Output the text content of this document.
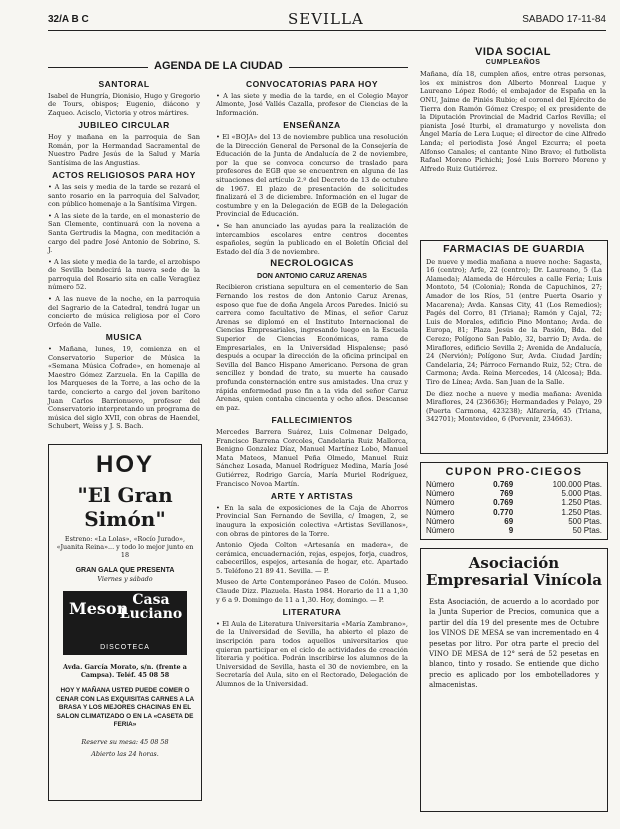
32/A B C	SEVILLA	SABADO 17-11-84
AGENDA DE LA CIUDAD
SANTORAL

Isabel de Hungría, Dionisio, Hugo y Gregorio de Tours, obispos; Eugenio, diácono y Zaqueo. Acisclo, Victoria y otros mártires.

JUBILEO CIRCULAR

Hoy y mañana en la parroquia de San Román, por la Hermandad Sacramental de Nuestro Padre Jesús de la Salud y María Santísima de las Angustias.

ACTOS RELIGIOSOS PARA HOY

• A las seis y media de la tarde se rezará el santo rosario en la parroquia del Salvador, con público homenaje a la Santísima Virgen.

• A las siete de la tarde, en el monasterio de San Clemente, continuará con la novena a Santa Gertrudis la Magna, con meditación a cargo del padre José Antonio de Sobrino, S. J.

• A las siete y media de la tarde, el arzobispo de Sevilla bendecirá la nueva sede de la parroquia del Rosario sita en calle Veragüez número 52.

• A las nueve de la noche, en la parroquia del Sagrario de la Catedral, tendrá lugar un concierto de música religiosa por el Coro Orfeón de Valle.

MUSICA

• Mañana, lunes, 19, comienza en el Conservatorio Superior de Música la «Semana Música Cofrade», en homenaje al Maestro Gómez Zarzuela. En la Capilla de los Marqueses de la Torre, a las ocho de la tarde, concierto a cargo del joven barítono Juan Carlos Barrionuevo, profesor del Conservatorio interpretando un programa de música del siglo XVII, con obras de Haendel, Schubert, Weiss y J. S. Bach.

HOY
"El Gran Simón"
Estreno: «La Lolas», «Rocío Jurado», «Juanita Reina»... y todo lo mejor junto en 18
GRAN GALA QUE PRESENTA
Viernes y sábado
Meson Casa Luciano
DISCOTECA
Avda. García Morato, s/n. (frente a Campsa). Teléf. 45 08 58
HOY Y MAÑANA USTED PUEDE COMER O CENAR CON LAS EXQUISITAS CARNES A LA BRASA Y LOS MEJORES CHACINAS EN EL SALON CLIMATIZADO O EN LA «CASETA DE FERIA»
Reserve su mesa: 45 08 58
Abierto las 24 horas.
CONVOCATORIAS PARA HOY

• A las siete y media de la tarde, en el Colegio Mayor Almonte, José Vallés Cazalla, profesor de Ciencias de la Información.

ENSEÑANZA

• El «BOJA» del 13 de noviembre publica una resolución de la Dirección General de Personal de la Consejería de Educación de la Junta de Andalucía de 2 de noviembre, por la que se convoca concurso de traslado para profesores de EGB que se encuentren en alguna de las situaciones del artículo 2.º del Decreto de 13 de octubre de 1967. El plazo de presentación de solicitudes finalizará el 3 de diciembre. Información en el lugar de costumbre y en la Delegación de EGB de la Delegación Provincial de Educación.

• Se han anunciado las ayudas para la realización de intercambios escolares entre centros docentes españoles, según la publicado en el Boletín Oficial del Estado del día 3 de noviembre.

NECROLOGICAS
DON ANTONIO CARUZ ARENAS

Recibieron cristiana sepultura en el cementerio de San Fernando los restos de don Antonio Caruz Arenas, esposo que fue de doña Angela Arcos Paredes. Inició su carrera como facultativo de Minas, el señor Caruz Arenas se diplomó en el Instituto Internacional de Ciencias Empresariales, ingresando luego en la Escuela Superior de Ciencias Económicas, rama de Empresariales, en la Universidad Hispalense; pasó después a ocupar la dirección de la oficina principal en Sevilla del Banco Hispano Americano. Persona de gran sencillez y bondad de trato, su muerte ha causado profunda consternación entre sus amistades. Una cruz y rápida enfermedad puso fin a la vida del señor Caruz Arenas, quien contaba cincuenta y ocho años. Descanse en paz.

FALLECIMIENTOS

Mercedes Barrera Suárez, Luis Colmenar Delgado, Francisco Barrena Corcoles, Candelaria Ruiz Mallorca, Benigno Gonzalez Díaz, Manuel Martínez Lobo, Manuel Mata Mateos, Manuel Peña Olmedo, Manuel Ruiz Sánchez Losada, Manuel Rodríguez Medina, María José Gutiérrez, Rodrigo García, María Muriel Rodríguez, Francisco Novoa Martín.

ARTE Y ARTISTAS

• En la sala de exposiciones de la Caja de Ahorros Provincial San Fernando de Sevilla, c/ Imagen, 2, se inaugura la exposición colectiva «Artistas Sevillanos», con obras de pintores de la Torre.

Antonio Ojeda Colton «Artesanía en madera», de cerámica, encuadernación, rejas, espejos, forja, cuadros, cabecerillos, espejos, artesanía de hogar, etc. Apartado 5. Teléfono 21 89 41. Sevilla. — P.

Museo de Arte Contemporáneo Paseo de Colón. Museo. Claude Dizz. Plazuela. Hasta 1984. Horario de 11 a 1,30 y 6 a 9. Domingo de 11 a 1,30. Hoy, domingo. — P.

LITERATURA

• El Aula de Literatura Universitaria «María Zambrano», de la Universidad de Sevilla, ha abierto el plazo de inscripción para todos aquellos universitarios que quieran participar en el ciclo de actividades de creación literaria y poética. Podrán inscribirse los alumnos de la Universidad de Sevilla, hasta el 30 de noviembre, en la Secretaría del Aula, sito en el Rectorado, Delegación de Alumnos de la Universidad.

VIDA SOCIAL
CUMPLEAÑOS

Mañana, día 18, cumplen años, entre otras personas, los ex ministros don Alberto Monreal Luque y Laureano López Rodó; el embajador de España en la ONU, Jaime de Piniés Rubio; el coronel del Ejército de Tierra don Ramón Gómez Crespo; el ex presidente de la Diputación Provincial de Madrid Carlos Revilla; el pianista José Iturbi, el dramaturgo y novelista don Ángel María de Lera Luque; el director de cine Alfredo Landa; el periodista José Ángel Ezcurra; el poeta Alfonso Canales; el cantante Nino Bravo; el futbolista Rafael Moreno Pichichi; José Luis Borrero Moreno y Alfredo Ruiz Gutiérrez.

FARMACIAS DE GUARDIA

De nueve y media mañana a nueve noche: Sagasta, 16 (centro); Arfe, 22 (centro); Dr. Laureano, 5 (La Alameda); Alameda de Hércules a calle Feria; Luis Montoto, 54 (Colonia); Ronda de Capuchinos, 27; Amador de los Ríos, 51 (entre Puerta Osario y Macarena); Avda. Kansas City, 41 (Los Remedios); Pagés del Corro, 81 (Triana); Ramón y Cajal, 72; Luis de Morales, edificio Pino Montano; Avda. de Europa, 81; Plaza Jesús de la Pasión, Bda. del Cerezo; Polígono San Pablo, 32, barrio D; Avda. de Miraflores, edificio Sevilla 2; Avenida de Andalucía, 24 (Nervión); Polígono Sur, Avda. Ciudad Jardín; Candelaria, 24; Párroco Fernando Ruiz, 52; Ctra. de Carmona; Avda. Reina Mercedes, 14 (Alcosa); Bda. Tiro de Línea; Avda. San Juan de la Salle.

De diez noche a nueve y media mañana: Avenida Miraflores, 24 (236636); Hermandades y Pelayo, 29 (Puerta Carmona, 423238); Alfarería, 45 (Triana, 342701); Montevideo, 6 (Porvenir, 234663).

CUPON PRO-CIEGOS
Número	0.769	100.000 Ptas.
Número	769	5.000 Ptas.
Número	0.769	1.250 Ptas.
Número	0.770	1.250 Ptas.
Número	69	500 Ptas.
Número	9	50 Ptas.
Asociación Empresarial Vinícola
Esta Asociación, de acuerdo a lo acordado por la Junta Superior de Precios, comunica que a partir del día 19 del presente mes de Octubre los VINOS DE MESA se van incrementado en 4 pesetas por litro. Por otra parte el precio del VINO DE MESA de 12° será de 52 pesetas en blanco, tinto y rosado. Se entiende que dicho precio es aplicado por los embotelladores y almacenistas.
